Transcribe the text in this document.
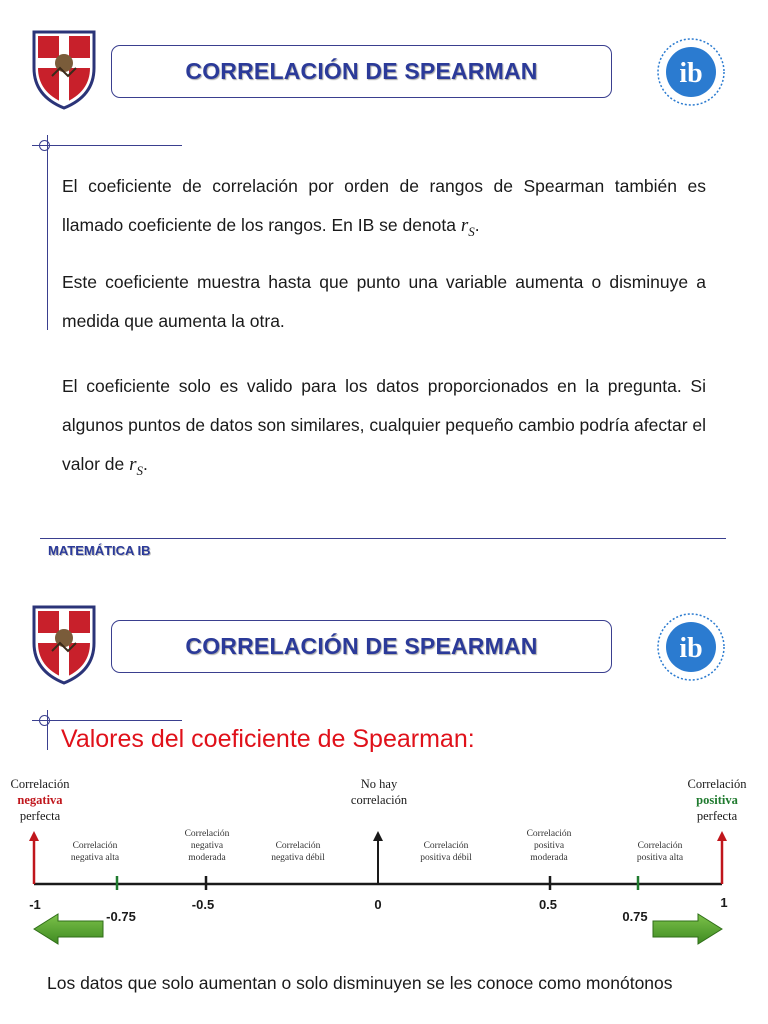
CORRELACIÓN DE SPEARMAN	ib

El coeficiente de correlación por orden de rangos de Spearman también es llamado coeficiente de los rangos. En IB se denota $r_S$.

Este coeficiente muestra hasta que punto una variable aumenta o disminuye a medida que aumenta la otra.

El coeficiente solo es valido para los datos proporcionados en la pregunta. Si algunos puntos de datos son similares, cualquier pequeño cambio podría afectar el valor de $r_S$.

MATEMÁTICA IB
CORRELACIÓN DE SPEARMAN	ib
Valores del coeficiente de Spearman:
Correlación
negativa
perfecta
No hay
correlación
Correlación
positiva
perfecta
Correlación
negativa alta
Correlación
negativa
moderada
Correlación
negativa débil
Correlación
positiva débil
Correlación
positiva
moderada
Correlación
positiva alta
-1
-0.75
-0.5	0	0.5
0.75
1

Los datos que solo aumentan o solo disminuyen se les conoce como monótonos
